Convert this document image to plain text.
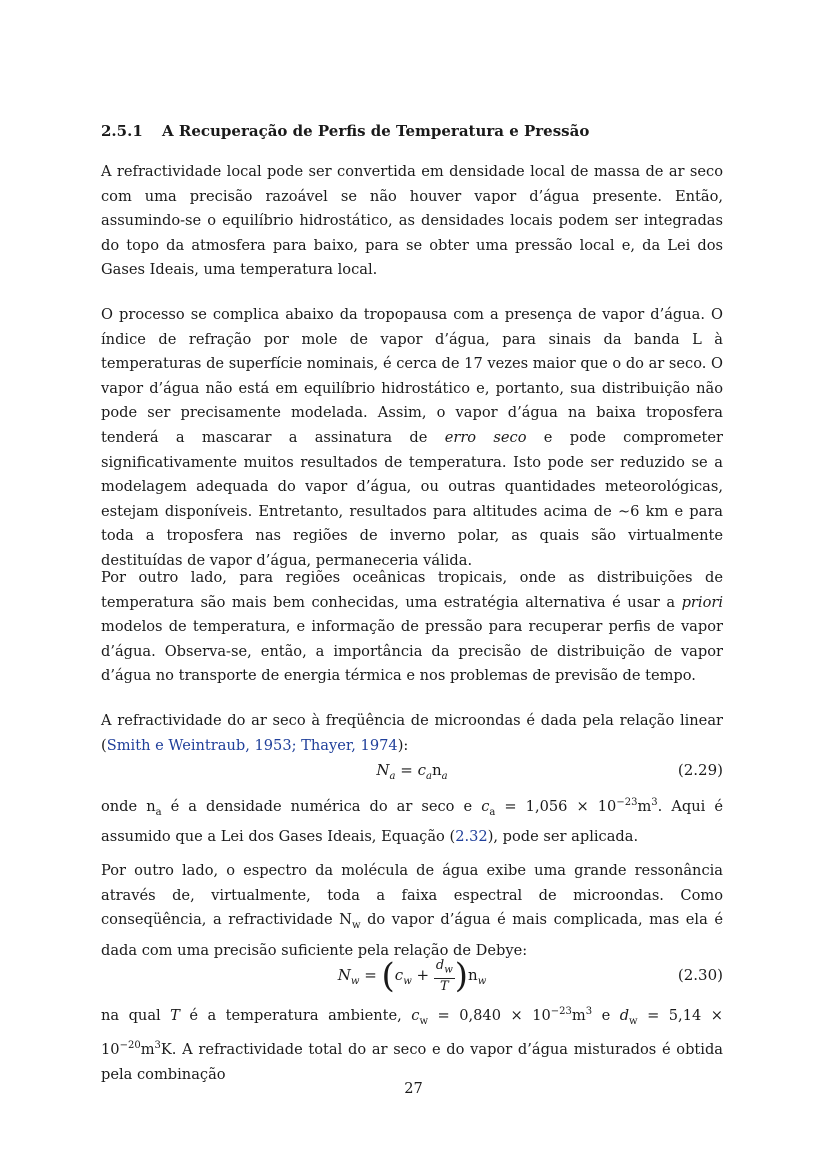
2.5.1 A Recuperação de Perfis de Temperatura e Pressão

A refractividade local pode ser convertida em densidade local de massa de ar seco com uma precisão razoável se não houver vapor d’água presente. Então, assumindo-se o equilíbrio hidrostático, as densidades locais podem ser integradas do topo da atmosfera para baixo, para se obter uma pressão local e, da Lei dos Gases Ideais, uma temperatura local.

O processo se complica abaixo da tropopausa com a presença de vapor d’água. O índice de refração por mole de vapor d’água, para sinais da banda L à temperaturas de superfície nominais, é cerca de 17 vezes maior que o do ar seco. O vapor d’água não está em equilíbrio hidrostático e, portanto, sua distribuição não pode ser precisamente modelada. Assim, o vapor d’água na baixa troposfera tenderá a mascarar a assinatura de erro seco e pode comprometer significativamente muitos resultados de temperatura. Isto pode ser reduzido se a modelagem adequada do vapor d’água, ou outras quantidades meteorológicas, estejam disponíveis. Entretanto, resultados para altitudes acima de ∼6 km e para toda a troposfera nas regiões de inverno polar, as quais são virtualmente destituídas de vapor d’água, permaneceria válida.

Por outro lado, para regiões oceânicas tropicais, onde as distribuições de temperatura são mais bem conhecidas, uma estratégia alternativa é usar a priori modelos de temperatura, e informação de pressão para recuperar perfis de vapor d’água. Observa-se, então, a importância da precisão de distribuição de vapor d’água no transporte de energia térmica e nos problemas de previsão de tempo.

A refractividade do ar seco à freqüência de microondas é dada pela relação linear (Smith e Weintraub, 1953; Thayer, 1974):

$N_a = c_an_a$	(2.29)

onde $n_a$ é a densidade numérica do ar seco e $c_a = 1,056 \times 10^{-23}m^3$. Aqui é assumido que a Lei dos Gases Ideais, Equação (2.32), pode ser aplicada.

Por outro lado, o espectro da molécula de água exibe uma grande ressonância através de, virtualmente, toda a faixa espectral de microondas. Como conseqüência, a refractividade $N_w$ do vapor d’água é mais complicada, mas ela é dada com uma precisão suficiente pela relação de Debye:

$N_w = (c_w + \frac{d_w}{T} )n_w$	(2.30)

na qual T é a temperatura ambiente, $c_w = 0,840 \times 10^{-23}m^3$ e $d_w = 5,14 \times 10^{-20}m^3K$. A refractividade total do ar seco e do vapor d’água misturados é obtida pela combinação

27
